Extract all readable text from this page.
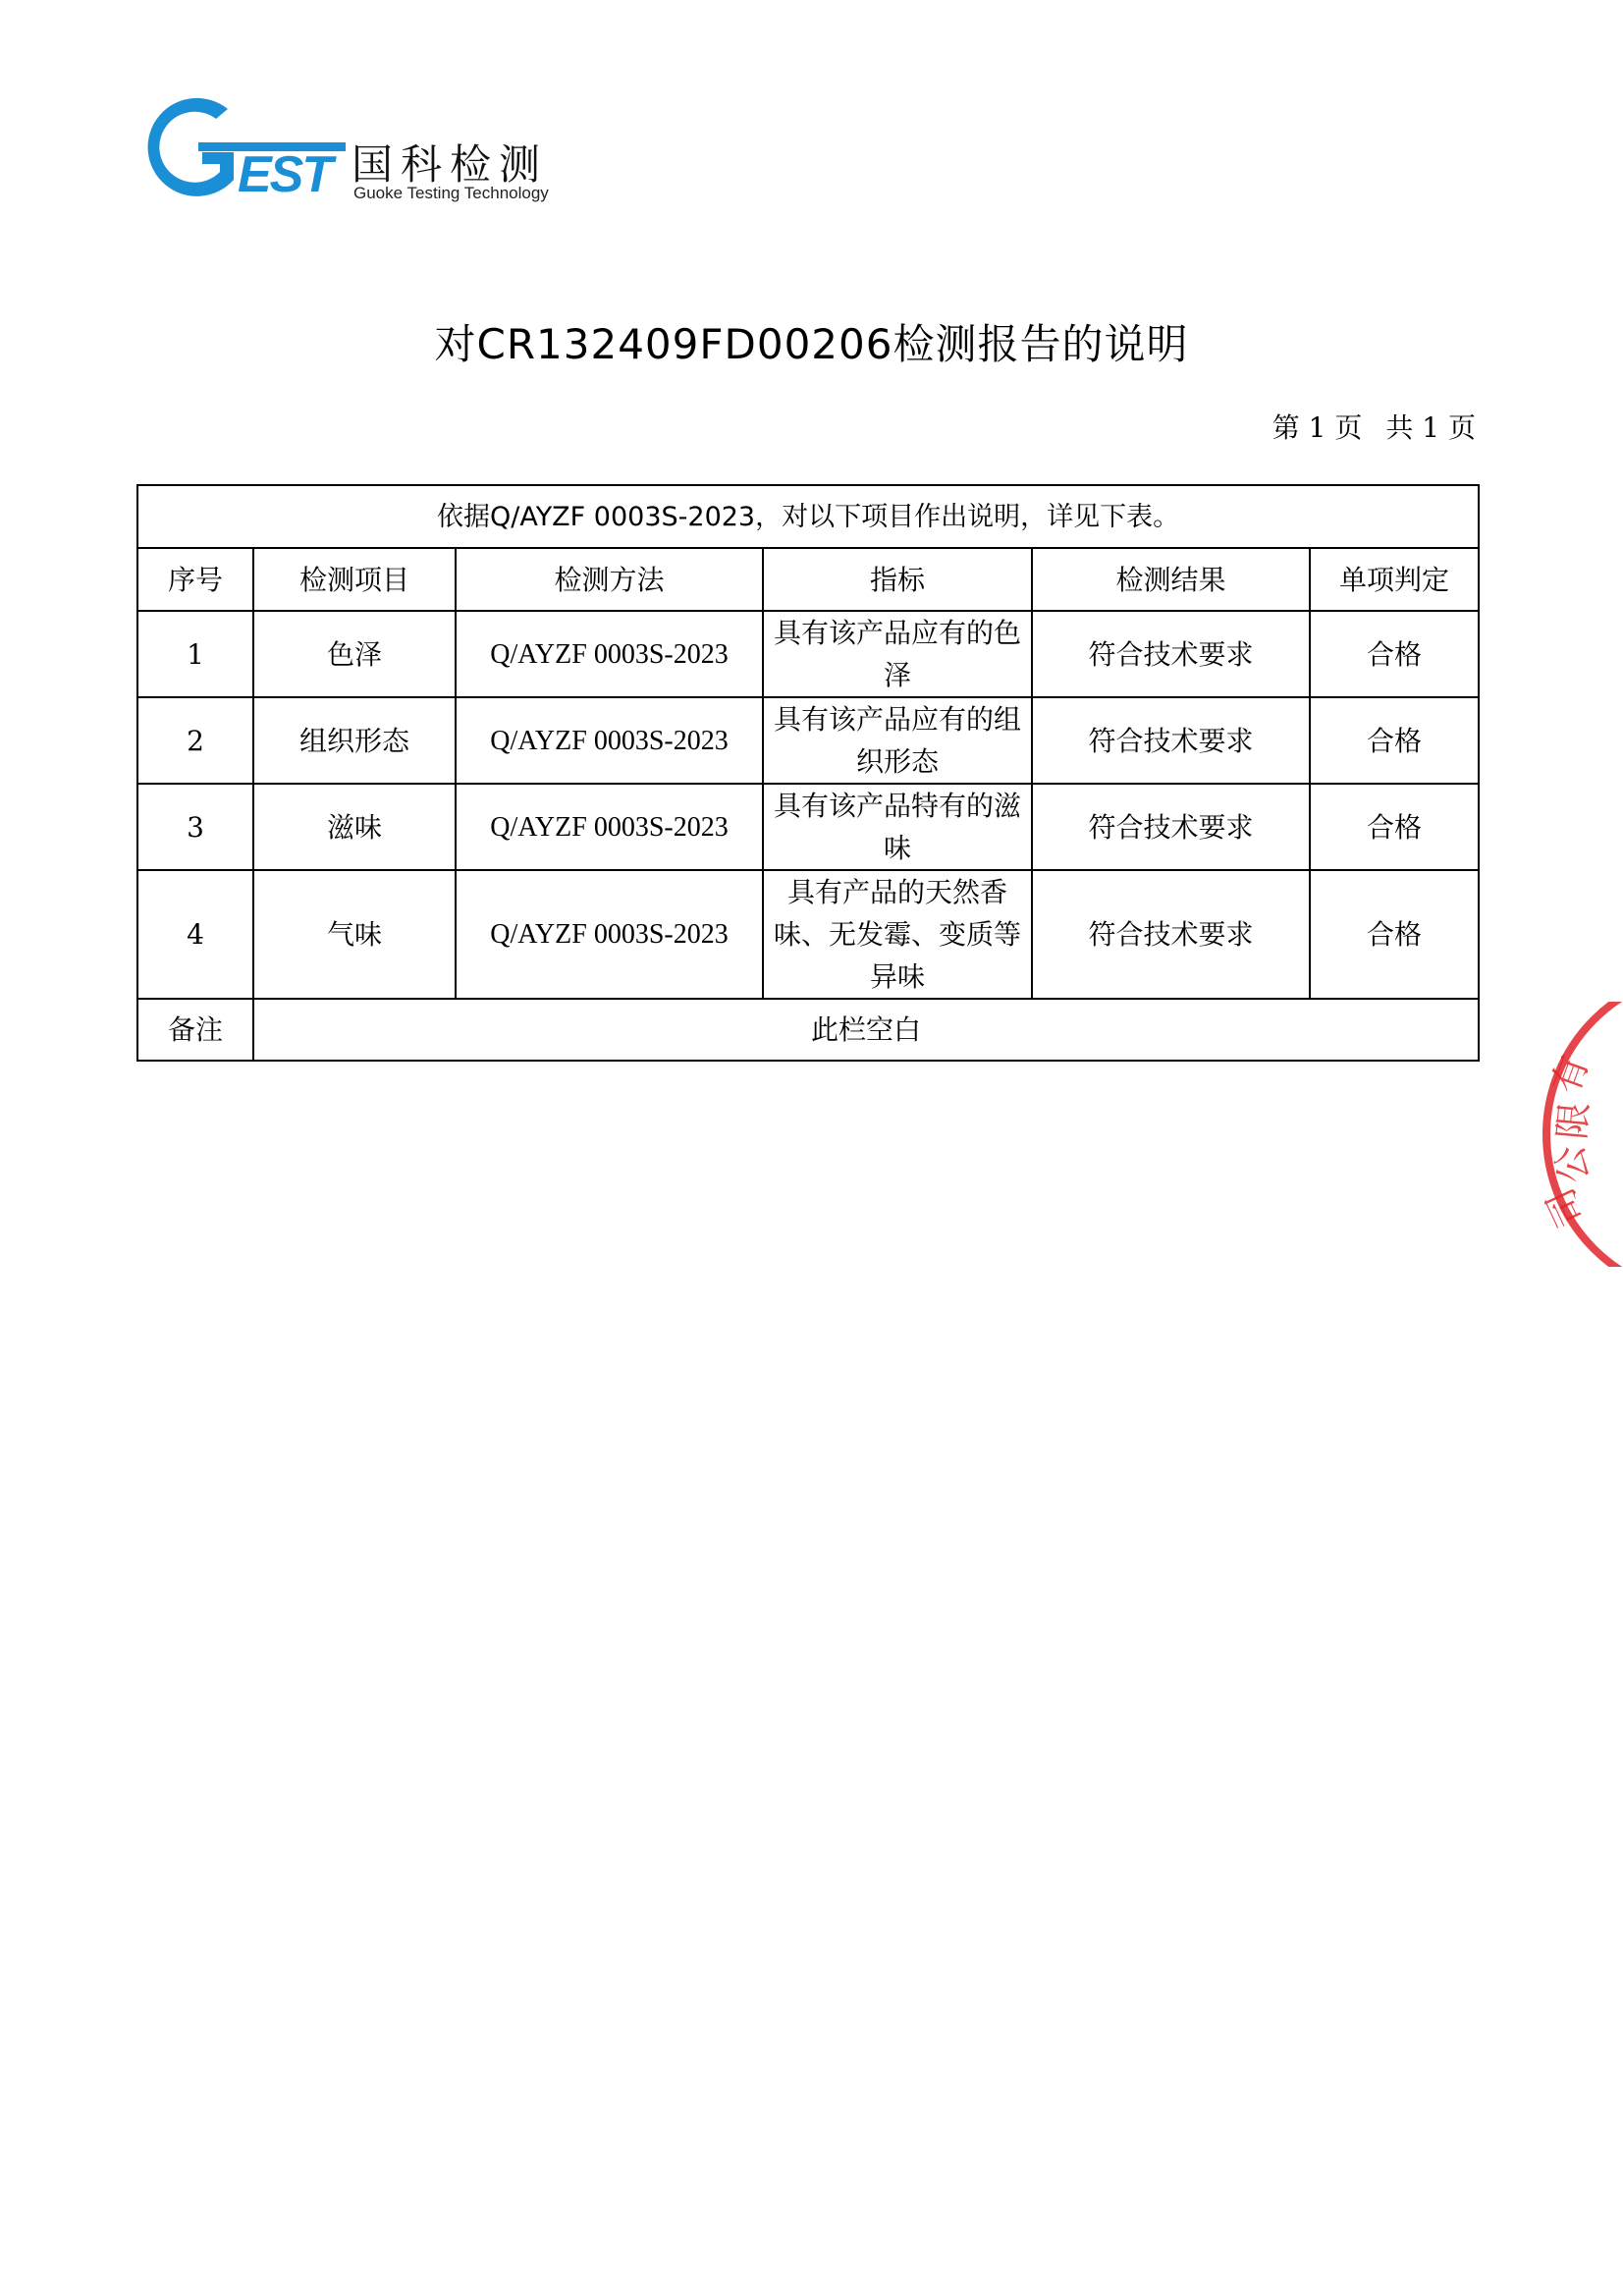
EST 国科检测
Guoke Testing Technology
对CR132409FD00206检测报告的说明
第 1 页 共 1 页
依据Q/AYZF 0003S-2023，对以下项目作出说明，详见下表。					
序号	检测项目	检测方法	指标	检测结果	单项判定
1	色泽	Q/AYZF 0003S-2023	具有该产品应有的色泽	符合技术要求	合格
2	组织形态	Q/AYZF 0003S-2023	具有该产品应有的组织形态	符合技术要求	合格
3	滋味	Q/AYZF 0003S-2023	具有该产品特有的滋味	符合技术要求	合格
4	气味	Q/AYZF 0003S-2023	具有产品的天然香味、无发霉、变质等异味	符合技术要求	合格
备注	此栏空白				
有
限
公
司
